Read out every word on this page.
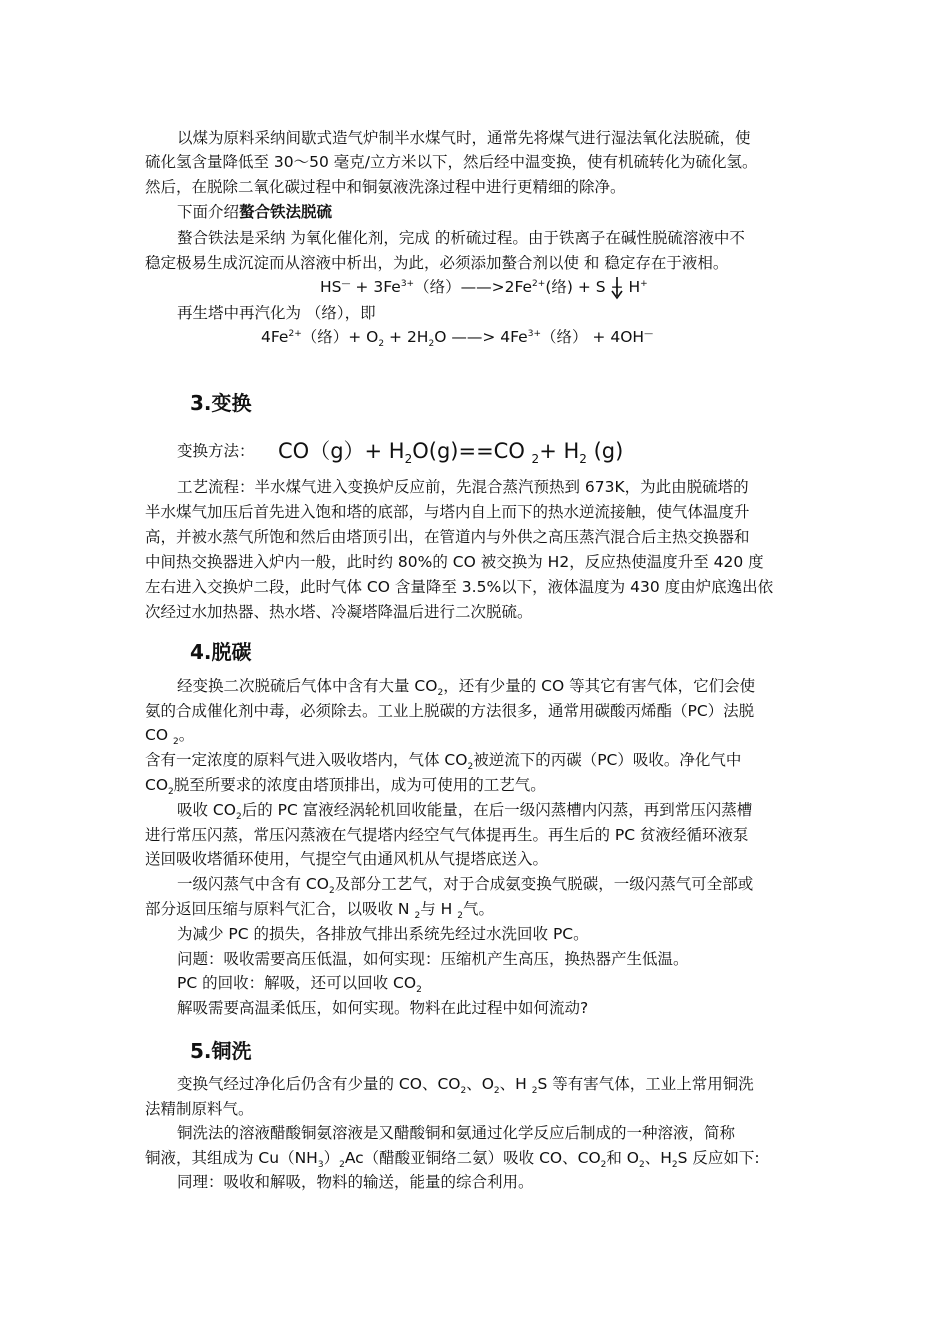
以煤为原料采纳间歇式造气炉制半水煤气时，通常先将煤气进行湿法氧化法脱硫，使
硫化氢含量降低至 30～50 毫克/立方米以下，然后经中温变换，使有机硫转化为硫化氢。
然后，在脱除二氧化碳过程中和铜氨液洗涤过程中进行更精细的除净。
下面介绍螯合铁法脱硫
螯合铁法是采纳 为氧化催化剂，完成 的析硫过程。由于铁离子在碱性脱硫溶液中不
稳定极易生成沉淀而从溶液中析出，为此，必须添加螯合剂以使 和 稳定存在于液相。
$HS^— + 3Fe^{3+}$（络）$——>2Fe^{2+}$(络) + S + H+
再生塔中再汽化为 （络），即
$4Fe^{2+}$（络）+ $O_2 + 2H_2O$ ——> $4Fe^{3+}$（络） + 4OH—
3.变换
变换方法： $CO(g)+ H_2O(g)==CO$ $_2+ H_2$ (g)
工艺流程：半水煤气进入变换炉反应前，先混合蒸汽预热到 673K，为此由脱硫塔的
半水煤气加压后首先进入饱和塔的底部，与塔内自上而下的热水逆流接触，使气体温度升
高，并被水蒸气所饱和然后由塔顶引出，在管道内与外供之高压蒸汽混合后主热交换器和
中间热交换器进入炉内一般，此时约 80%的 CO 被交换为 H2，反应热使温度升至 420 度
左右进入交换炉二段，此时气体 CO 含量降至 3.5%以下，液体温度为 430 度由炉底逸出依
次经过水加热器、热水塔、冷凝塔降温后进行二次脱硫。
4.脱碳
经变换二次脱硫后气体中含有大量 $CO_2$，还有少量的 CO 等其它有害气体，它们会使
氨的合成催化剂中毒，必须除去。工业上脱碳的方法很多，通常用碳酸丙烯酯（PC）法脱
CO $_2$。
含有一定浓度的原料气进入吸收塔内，气体 $CO_2$被逆流下的丙碳（PC）吸收。净化气中
$CO_2$脱至所要求的浓度由塔顶排出，成为可使用的工艺气。
吸收 $CO_2$后的 PC 富液经涡轮机回收能量，在后一级闪蒸槽内闪蒸，再到常压闪蒸槽
进行常压闪蒸，常压闪蒸液在气提塔内经空气气体提再生。再生后的 PC 贫液经循环液泵
送回吸收塔循环使用，气提空气由通风机从气提塔底送入。
一级闪蒸气中含有 $CO_2$及部分工艺气，对于合成氨变换气脱碳，一级闪蒸气可全部或
部分返回压缩与原料气汇合，以吸收 N $_2$与 H $_2$气。
为减少 PC 的损失，各排放气排出系统先经过水洗回收 PC。
问题：吸收需要高压低温，如何实现：压缩机产生高压，换热器产生低温。
PC 的回收：解吸，还可以回收 $CO_2$
解吸需要高温柔低压，如何实现。物料在此过程中如何流动?
5.铜洗
变换气经过净化后仍含有少量的 CO、$CO_2$、$O_2$、H $_2$S 等有害气体，工业上常用铜洗
法精制原料气。
铜洗法的溶液醋酸铜氨溶液是又醋酸铜和氨通过化学反应后制成的一种溶液，简称
铜液，其组成为 $Cu(NH_3)_2Ac$（醋酸亚铜络二氨）吸收 CO、$CO_2$和 $O_2$、$H_2S$ 反应如下:
同理：吸收和解吸，物料的输送，能量的综合利用。
